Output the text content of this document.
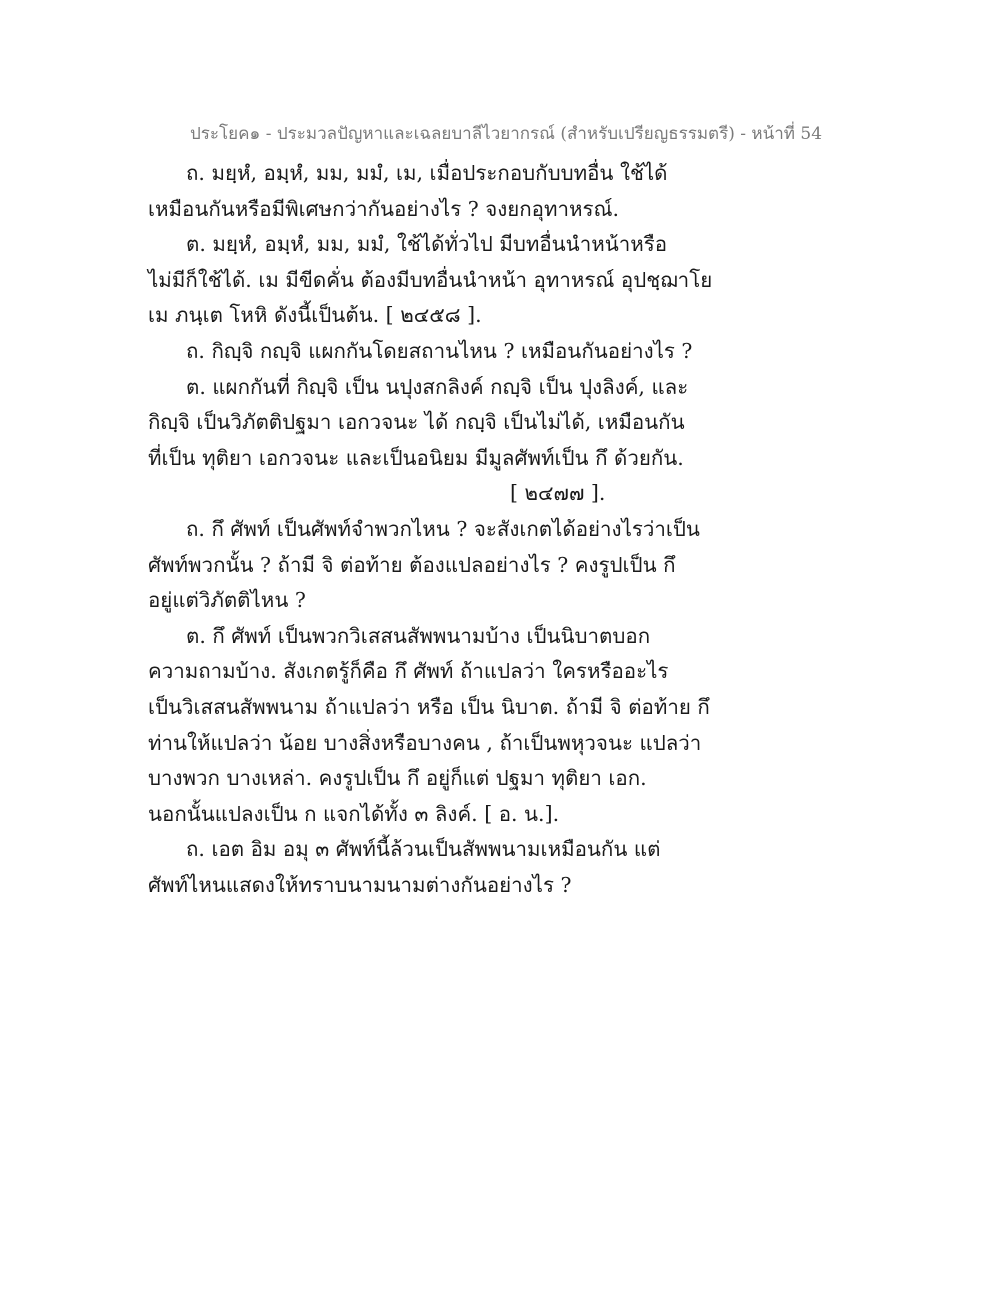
ประโยค๑ - ประมวลปัญหาและเฉลยบาลีไวยากรณ์ (สำหรับเปรียญธรรมตรี) - หน้าที่ 54
ถ. มยฺหํ, อมฺหํ, มม, มมํ, เม, เมื่อประกอบกับบทอื่น ใช้ได้
เหมือนกันหรือมีพิเศษกว่ากันอย่างไร ? จงยกอุทาหรณ์.
ต. มยฺหํ, อมฺหํ, มม, มมํ, ใช้ได้ทั่วไป มีบทอื่นนำหน้าหรือ
ไม่มีก็ใช้ได้. เม มีขีดคั่น ต้องมีบทอื่นนำหน้า อุทาหรณ์ อุปชฺฌาโย
เม ภนฺเต โหหิ ดังนี้เป็นต้น. [ ๒๔๕๘ ].
ถ. กิญฺจิ กญฺจิ แผกกันโดยสถานไหน ? เหมือนกันอย่างไร ?
ต. แผกกันที่ กิญฺจิ เป็น นปุงสกลิงค์ กญฺจิ เป็น ปุงลิงค์, และ
กิญฺจิ เป็นวิภัตติปฐมา เอกวจนะ ได้ กญฺจิ เป็นไม่ได้, เหมือนกัน
ที่เป็น ทุติยา เอกวจนะ และเป็นอนิยม มีมูลศัพท์เป็น กึ ด้วยกัน.
[ ๒๔๗๗ ].
ถ. กึ ศัพท์ เป็นศัพท์จำพวกไหน ? จะสังเกตได้อย่างไรว่าเป็น
ศัพท์พวกนั้น ? ถ้ามี จิ ต่อท้าย ต้องแปลอย่างไร ? คงรูปเป็น กึ
อยู่แต่วิภัตติไหน ?
ต. กึ ศัพท์ เป็นพวกวิเสสนสัพพนามบ้าง เป็นนิบาตบอก
ความถามบ้าง. สังเกตรู้ก็คือ กึ ศัพท์ ถ้าแปลว่า ใครหรืออะไร
เป็นวิเสสนสัพพนาม ถ้าแปลว่า หรือ เป็น นิบาต. ถ้ามี จิ ต่อท้าย กึ
ท่านให้แปลว่า น้อย บางสิ่งหรือบางคน , ถ้าเป็นพหุวจนะ แปลว่า
บางพวก บางเหล่า. คงรูปเป็น กึ อยู่ก็แต่ ปฐมา ทุติยา เอก.
นอกนั้นแปลงเป็น ก แจกได้ทั้ง ๓ ลิงค์. [ อ. น.].
ถ. เอต อิม อมุ ๓ ศัพท์นี้ล้วนเป็นสัพพนามเหมือนกัน แต่
ศัพท์ไหนแสดงให้ทราบนามนามต่างกันอย่างไร ?
